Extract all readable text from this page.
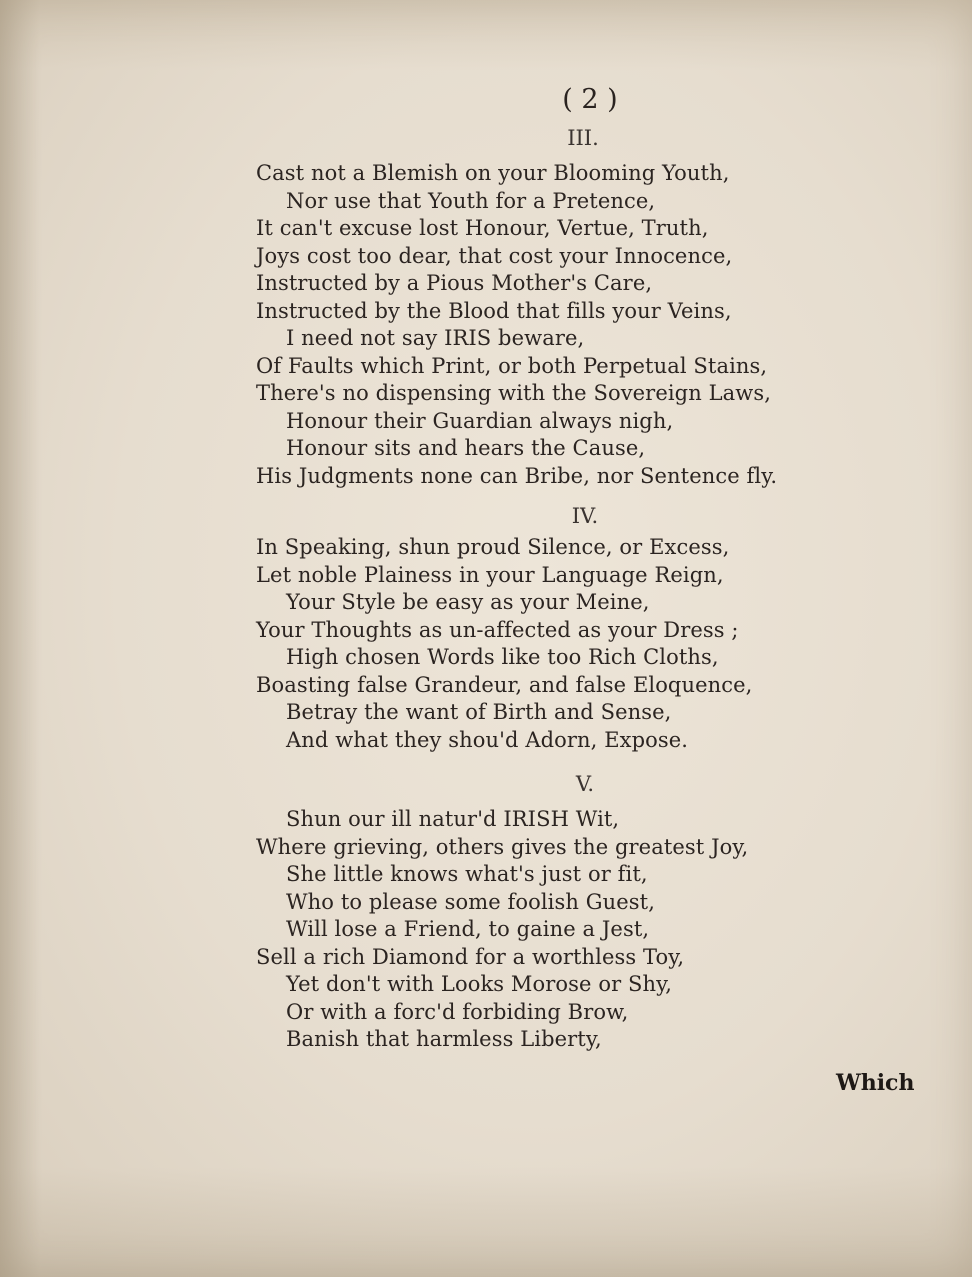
( 2 )
III.
Cast not a Blemish on your Blooming Youth,
Nor use that Youth for a Pretence,
It can't excuse lost Honour, Vertue, Truth,
Joys cost too dear, that cost your Innocence,
Instructed by a Pious Mother's Care,
Instructed by the Blood that fills your Veins,
I need not say IRIS beware,
Of Faults which Print, or both Perpetual Stains,
There's no dispensing with the Sovereign Laws,
Honour their Guardian always nigh,
Honour sits and hears the Cause,
His Judgments none can Bribe, nor Sentence fly.
IV.
In Speaking, shun proud Silence, or Excess,
Let noble Plainess in your Language Reign,
Your Style be easy as your Meine,
Your Thoughts as un-affected as your Dress ;
High chosen Words like too Rich Cloths,
Boasting false Grandeur, and false Eloquence,
Betray the want of Birth and Sense,
And what they shou'd Adorn, Expose.
V.
Shun our ill natur'd IRISH Wit,
Where grieving, others gives the greatest Joy,
She little knows what's just or fit,
Who to please some foolish Guest,
Will lose a Friend, to gaine a Jest,
Sell a rich Diamond for a worthless Toy,
Yet don't with Looks Morose or Shy,
Or with a forc'd forbiding Brow,
Banish that harmless Liberty,
Which
